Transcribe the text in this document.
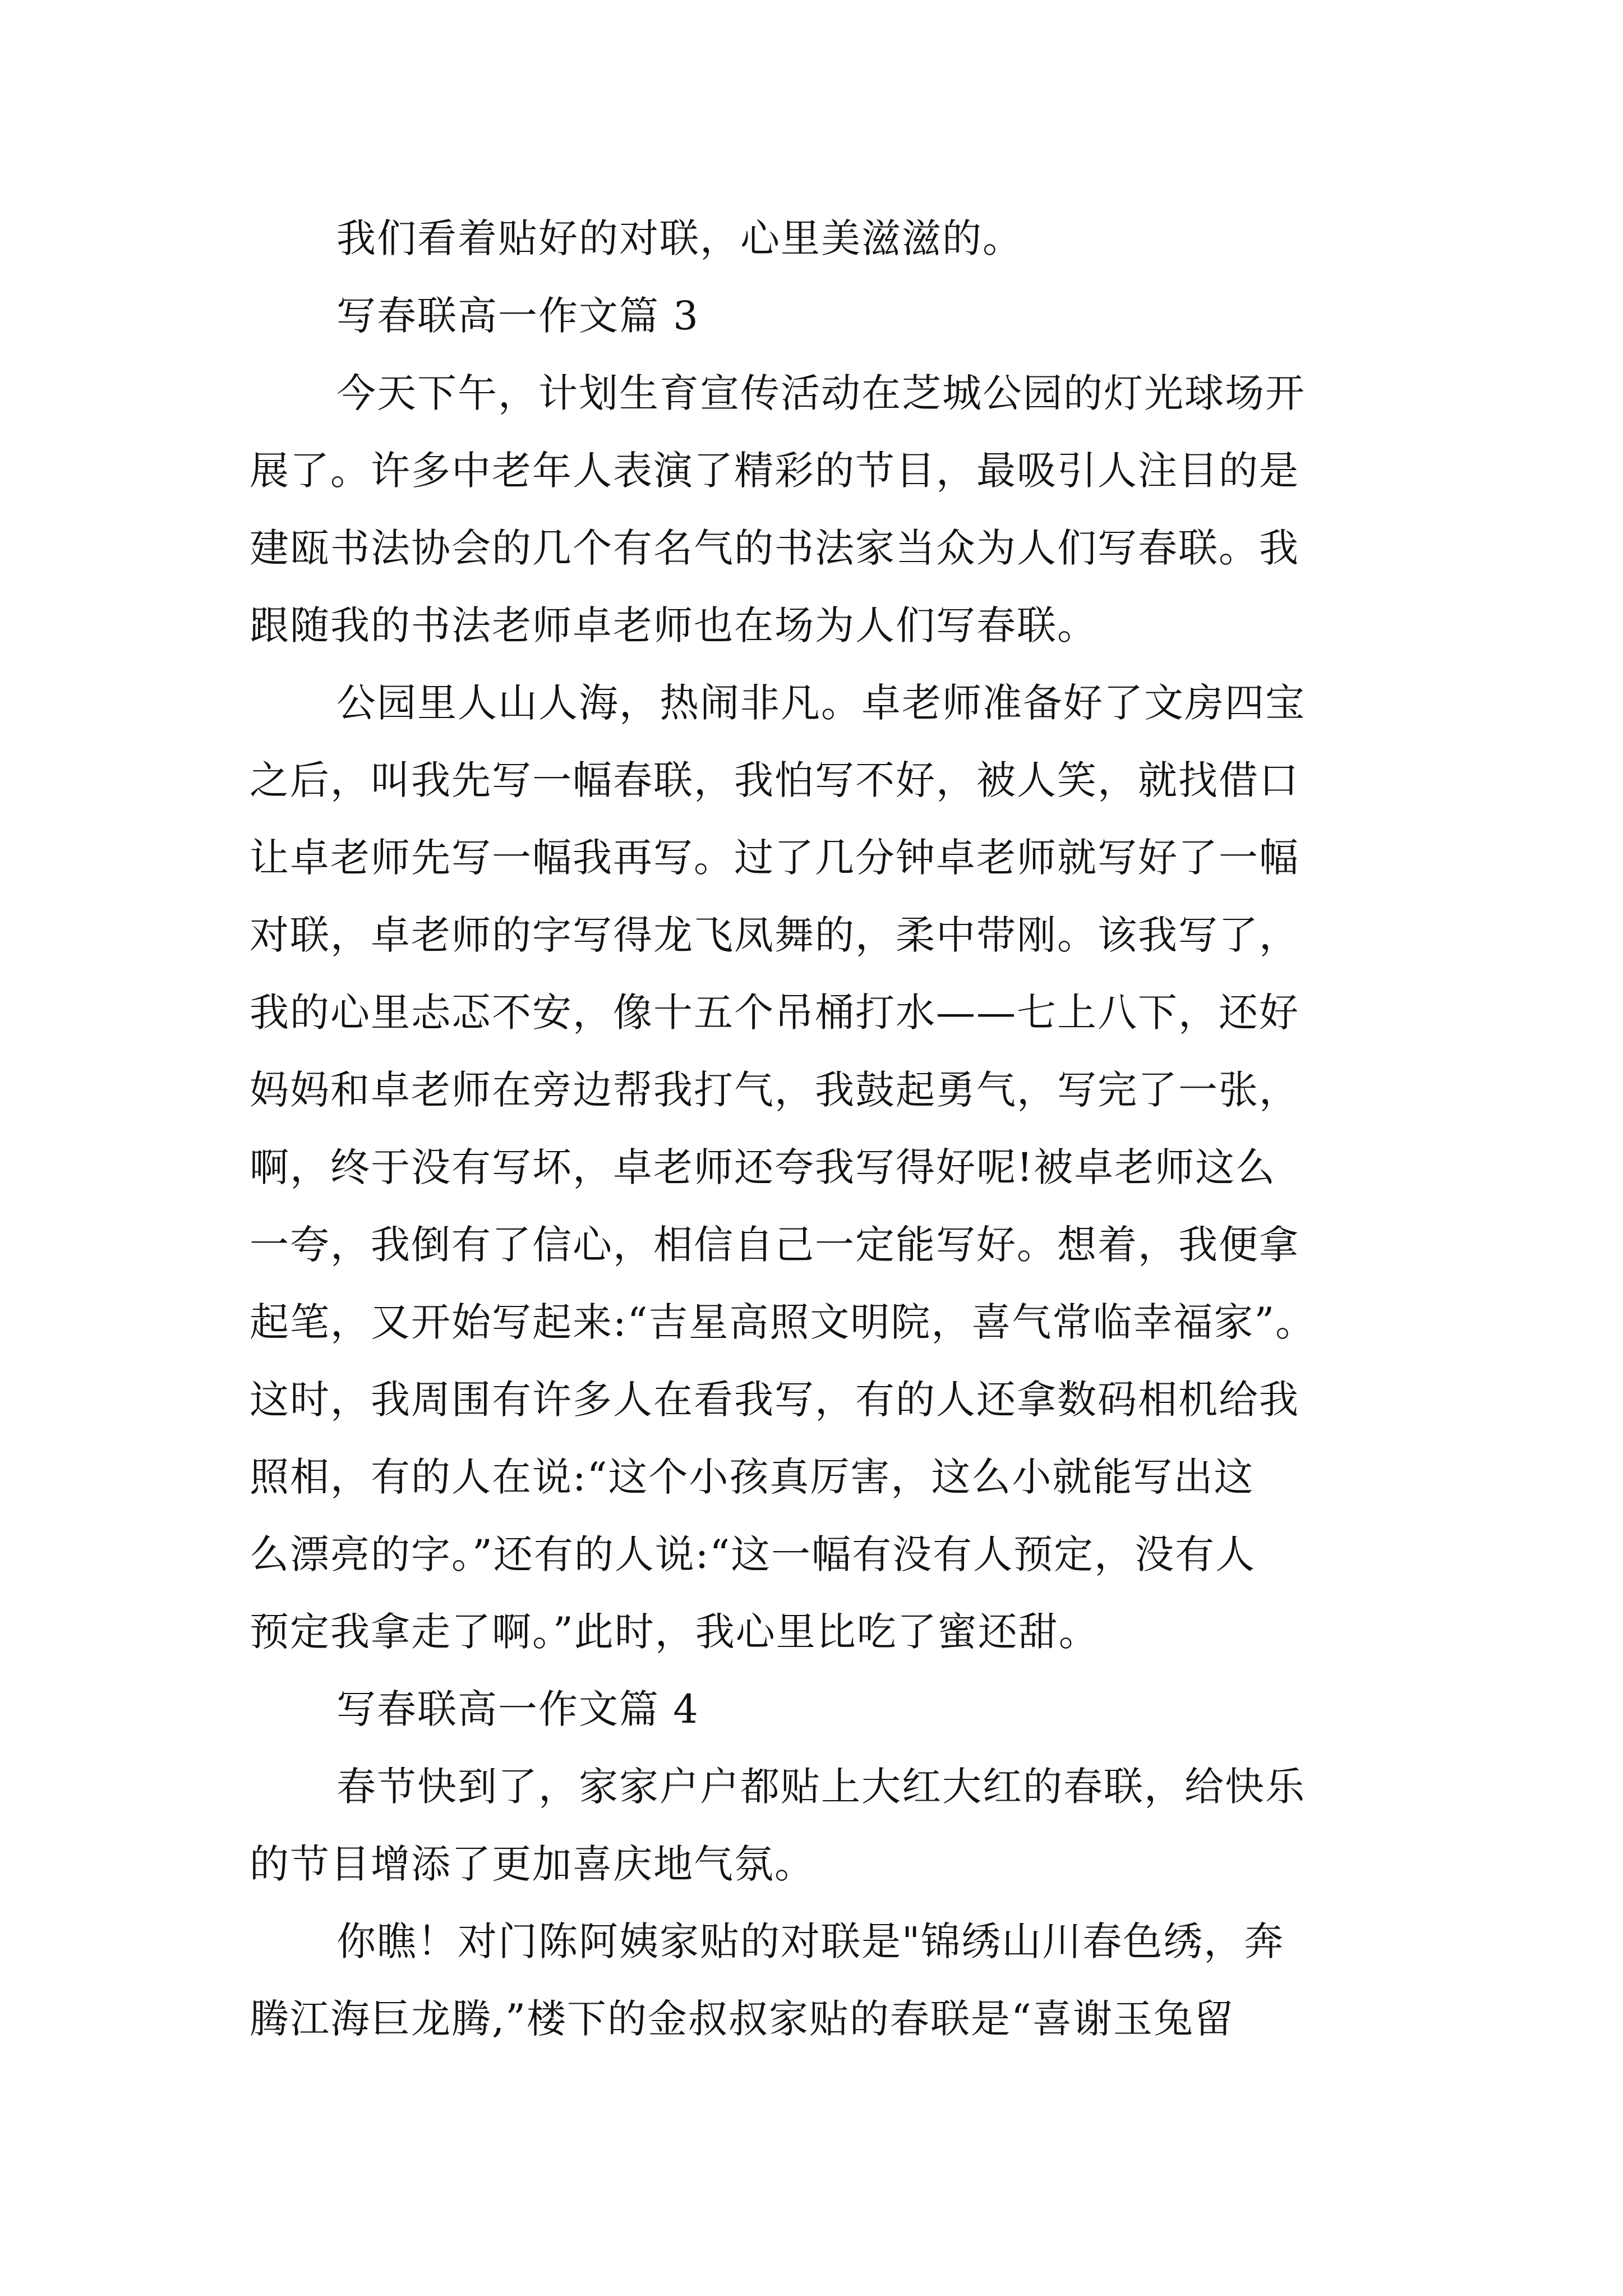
我们看着贴好的对联，心里美滋滋的。
写春联高一作文篇 3
今天下午，计划生育宣传活动在芝城公园的灯光球场开
展了。许多中老年人表演了精彩的节目，最吸引人注目的是
建瓯书法协会的几个有名气的书法家当众为人们写春联。我
跟随我的书法老师卓老师也在场为人们写春联。
公园里人山人海，热闹非凡。卓老师准备好了文房四宝
之后，叫我先写一幅春联，我怕写不好，被人笑，就找借口
让卓老师先写一幅我再写。过了几分钟卓老师就写好了一幅
对联，卓老师的字写得龙飞凤舞的，柔中带刚。该我写了，
我的心里忐忑不安，像十五个吊桶打水——七上八下，还好
妈妈和卓老师在旁边帮我打气，我鼓起勇气，写完了一张，
啊，终于没有写坏，卓老师还夸我写得好呢!被卓老师这么
一夸，我倒有了信心，相信自己一定能写好。想着，我便拿
起笔，又开始写起来:“吉星高照文明院，喜气常临幸福家”。
这时，我周围有许多人在看我写，有的人还拿数码相机给我
照相，有的人在说:“这个小孩真厉害，这么小就能写出这
么漂亮的字。”还有的人说:“这一幅有没有人预定，没有人
预定我拿走了啊。”此时，我心里比吃了蜜还甜。
写春联高一作文篇 4
春节快到了，家家户户都贴上大红大红的春联，给快乐
的节目增添了更加喜庆地气氛。
你瞧！对门陈阿姨家贴的对联是"锦绣山川春色绣，奔
腾江海巨龙腾,”楼下的金叔叔家贴的春联是“喜谢玉兔留
